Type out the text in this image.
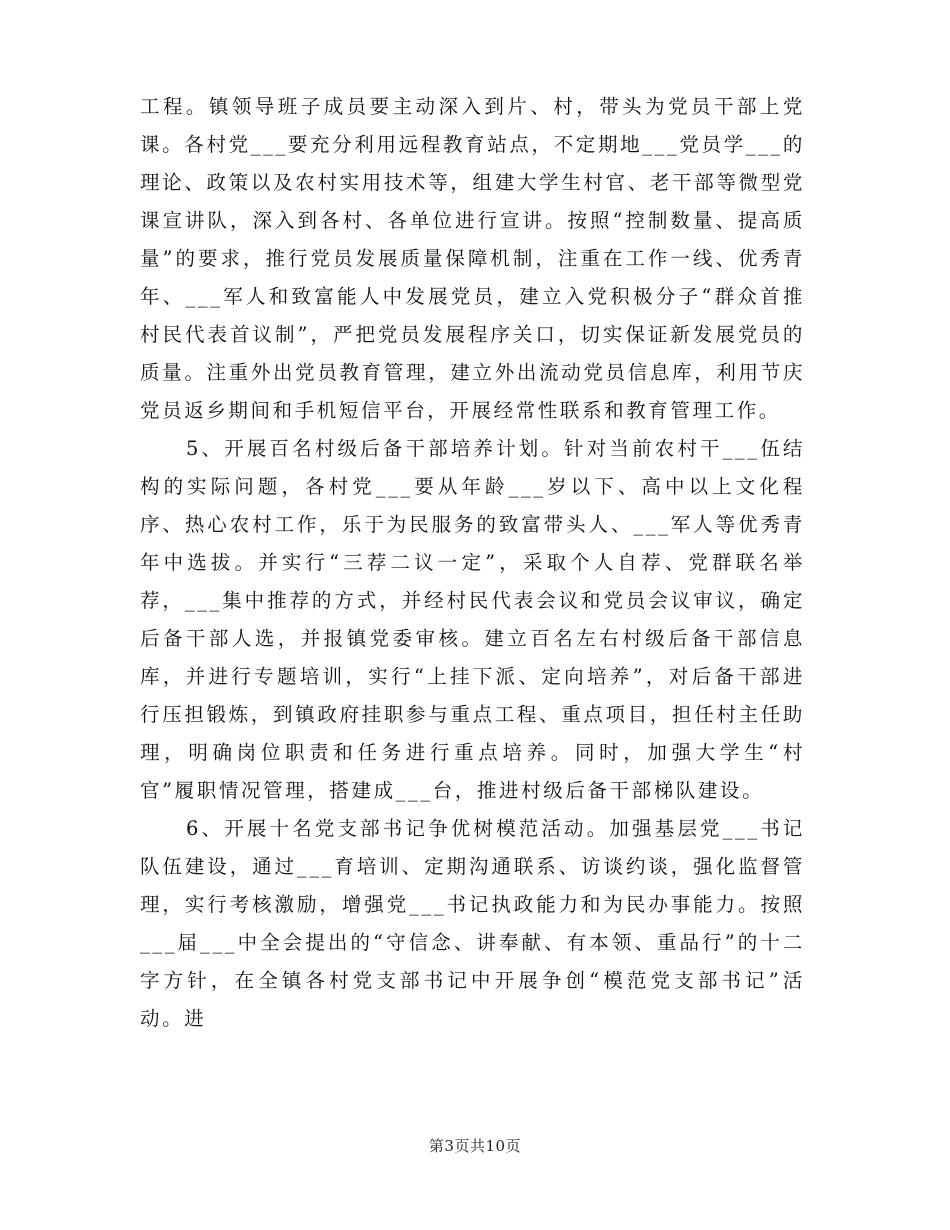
工程。镇领导班子成员要主动深入到片、村，带头为党员干部上党课。各村党___要充分利用远程教育站点，不定期地___党员学___的理论、政策以及农村实用技术等，组建大学生村官、老干部等微型党课宣讲队，深入到各村、各单位进行宣讲。按照“控制数量、提高质量”的要求，推行党员发展质量保障机制，注重在工作一线、优秀青年、___军人和致富能人中发展党员，建立入党积极分子“群众首推村民代表首议制”，严把党员发展程序关口，切实保证新发展党员的质量。注重外出党员教育管理，建立外出流动党员信息库，利用节庆党员返乡期间和手机短信平台，开展经常性联系和教育管理工作。

5、开展百名村级后备干部培养计划。针对当前农村干___伍结构的实际问题，各村党___要从年龄___岁以下、高中以上文化程序、热心农村工作，乐于为民服务的致富带头人、___军人等优秀青年中选拔。并实行“三荐二议一定”，采取个人自荐、党群联名举荐，___集中推荐的方式，并经村民代表会议和党员会议审议，确定后备干部人选，并报镇党委审核。建立百名左右村级后备干部信息库，并进行专题培训，实行“上挂下派、定向培养”，对后备干部进行压担锻炼，到镇政府挂职参与重点工程、重点项目，担任村主任助理，明确岗位职责和任务进行重点培养。同时，加强大学生“村官”履职情况管理，搭建成___台，推进村级后备干部梯队建设。

6、开展十名党支部书记争优树模范活动。加强基层党___书记队伍建设，通过___育培训、定期沟通联系、访谈约谈，强化监督管理，实行考核激励，增强党___书记执政能力和为民办事能力。按照___届___中全会提出的“守信念、讲奉献、有本领、重品行”的十二字方针，在全镇各村党支部书记中开展争创“模范党支部书记”活动。进

第3页共10页
